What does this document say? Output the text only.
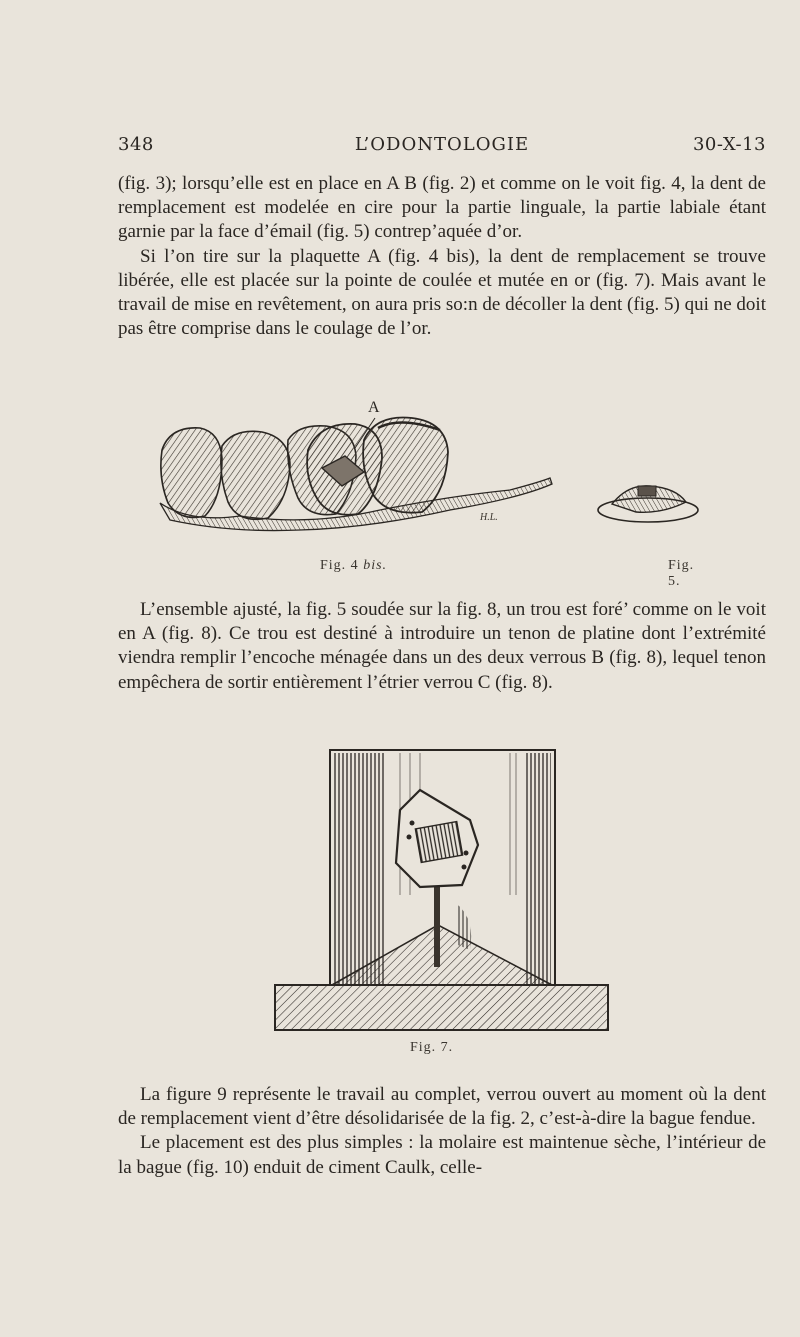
348	L’ODONTOLOGIE	30-X-13

(fig. 3); lorsqu’elle est en place en A B (fig. 2) et comme on le voit fig. 4, la dent de remplacement est modelée en cire pour la partie linguale, la partie labiale étant garnie par la face d’émail (fig. 5) contrep’aquée d’or.

Si l’on tire sur la plaquette A (fig. 4 bis), la dent de remplacement se trouve libérée, elle est placée sur la pointe de coulée et mutée en or (fig. 7). Mais avant le travail de mise en revêtement, on aura pris so:n de décoller la dent (fig. 5) qui ne doit pas être comprise dans le coulage de l’or.

A
H.L.
Fig. 4 bis.	Fig. 5.

L’ensemble ajusté, la fig. 5 soudée sur la fig. 8, un trou est foré’ comme on le voit en A (fig. 8). Ce trou est destiné à introduire un tenon de platine dont l’extrémité viendra remplir l’encoche ménagée dans un des deux verrous B (fig. 8), lequel tenon empêchera de sortir entièrement l’étrier verrou C (fig. 8).

Fig. 7.

La figure 9 représente le travail au complet, verrou ouvert au moment où la dent de remplacement vient d’être désolidarisée de la fig. 2, c’est-à-dire la bague fendue.

Le placement est des plus simples : la molaire est maintenue sèche, l’intérieur de la bague (fig. 10) enduit de ciment Caulk, celle-
